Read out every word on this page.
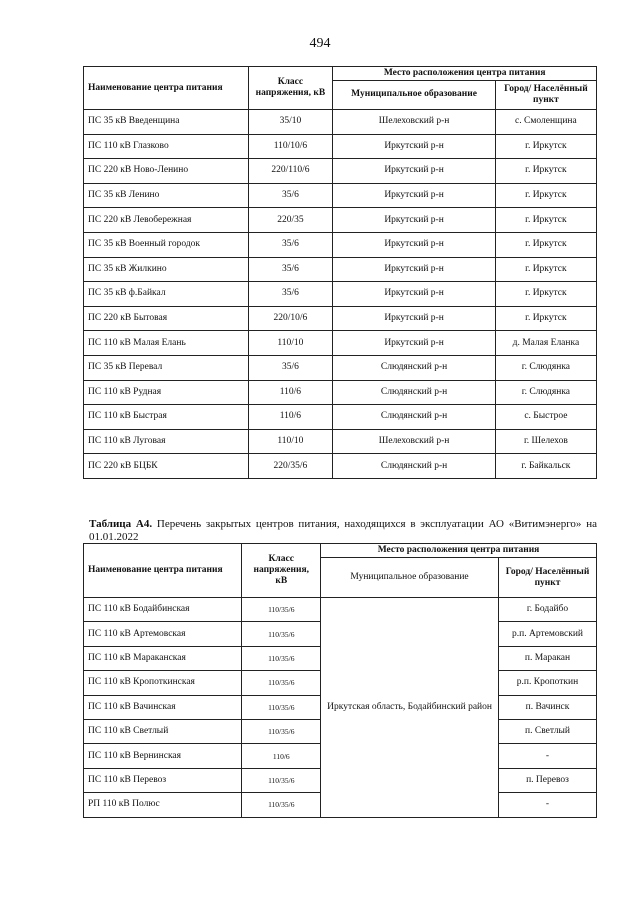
494
Наименование центра питания	Класс напряжения, кВ	Место расположения центра питания	
		Муниципальное образование	Город/ Населённый пункт
ПС 35 кВ Введенщина	35/10	Шелеховский р-н	с. Смоленщина
ПС 110 кВ Глазково	110/10/6	Иркутский р-н	г. Иркутск
ПС 220 кВ Ново-Ленино	220/110/6	Иркутский р-н	г. Иркутск
ПС 35 кВ Ленино	35/6	Иркутский р-н	г. Иркутск
ПС 220 кВ Левобережная	220/35	Иркутский р-н	г. Иркутск
ПС 35 кВ Военный городок	35/6	Иркутский р-н	г. Иркутск
ПС 35 кВ Жилкино	35/6	Иркутский р-н	г. Иркутск
ПС 35 кВ ф.Байкал	35/6	Иркутский р-н	г. Иркутск
ПС 220 кВ Бытовая	220/10/6	Иркутский р-н	г. Иркутск
ПС 110 кВ Малая Елань	110/10	Иркутский р-н	д. Малая Еланка
ПС 35 кВ Перевал	35/6	Слюдянский р-н	г. Слюдянка
ПС 110 кВ Рудная	110/6	Слюдянский р-н	г. Слюдянка
ПС 110 кВ Быстрая	110/6	Слюдянский р-н	с. Быстрое
ПС 110 кВ Луговая	110/10	Шелеховский р-н	г. Шелехов
ПС 220 кВ БЦБК	220/35/6	Слюдянский р-н	г. Байкальск
Таблица А4. Перечень закрытых центров питания, находящихся в эксплуатации АО «Витимэнерго» на 01.01.2022
Наименование центра питания	Класс напряжения, кВ	Место расположения центра питания	
		Муниципальное образование	Город/ Населённый пункт
ПС 110 кВ Бодайбинская	110/35/6	Иркутская область, Бодайбинский район	г. Бодайбо
ПС 110 кВ Артемовская	110/35/6		р.п. Артемовский
ПС 110 кВ Мараканская	110/35/6		п. Маракан
ПС 110 кВ Кропоткинская	110/35/6		р.п. Кропоткин
ПС 110 кВ Вачинская	110/35/6		п. Вачинск
ПС 110 кВ Светлый	110/35/6		п. Светлый
ПС 110 кВ Вернинская	110/6		-
ПС 110 кВ Перевоз	110/35/6		п. Перевоз
РП 110 кВ Полюс	110/35/6		-
